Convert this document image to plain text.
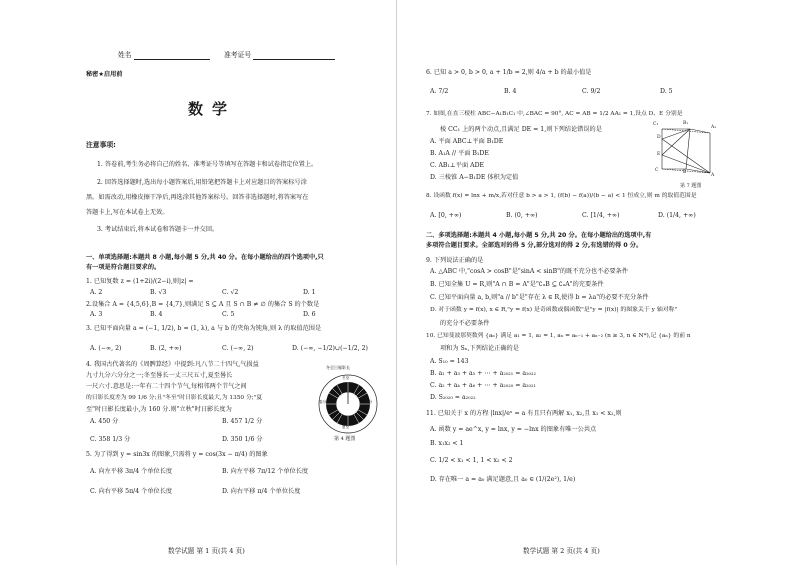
姓名	准考证号
秘密★启用前
数学
注意事项:
1. 答卷前,考生务必将自己的姓名、准考证号等填写在答题卡和试卷指定位置上。
2. 回答选择题时,选出每小题答案后,用铅笔把答题卡上对应题目的答案标号涂
黑。如需改动,用橡皮擦干净后,再选涂其他答案标号。回答非选择题时,将答案写在
答题卡上,写在本试卷上无效。
3. 考试结束后,将本试卷和答题卡一并交回。
一、单项选择题:本题共 8 小题,每小题 5 分,共 40 分。在每小题给出的四个选项中,只
有一项是符合题目要求的。
1. 已知复数 z = (1+2i)/(2−i),则|z| =
A. 2	B. √3	C. √2	D. 1
2.设集合 A = {4,5,6},B = {4,7},则满足 S ⊆ A 且 S ∩ B ≠ ∅ 的集合 S 的个数是
A. 3	B. 4	C. 5	D. 6
3. 已知平面向量 a = (−1, 1/2), b = (1, λ), a 与 b 的夹角为钝角,则 λ 的取值范围是
A. (−∞, 2)	B. (2, +∞)	C. (−∞, 2)	D. (−∞, −1/2)∪(−1/2, 2)
4. 我国古代著名的《周髀算经》中提到:凡八节二十四气,气损益
九寸九分六分分之一;冬至晷长一丈三尺五寸,夏至晷长
一尺六寸.意思是:一年有二十四个节气,每相邻两个节气之间
的日影长度差为 99 1/6 分;且"冬至"时日影长度最大,为 1350 分;"夏
至"时日影长度最小,为 160 分.则"立秋"时日影长度为
A. 450 分	B. 457 1/2 分
C. 358 1/3 分	D. 350 1/6 分
冬至日晷影长
冬至
夏至
春分	秋分
第 4 题图
5. 为了得到 y = sin3x 的图象,只需将 y = cos(3x − π/4) 的图象
A. 向左平移 3π/4 个单位长度	B. 向左平移 7π/12 个单位长度
C. 向右平移 5π/4 个单位长度	D. 向右平移 π/4 个单位长度
数学试题 第 1 页(共 4 页)
6. 已知 a > 0, b > 0, a + 1/b = 2,则 4/a + b 的最小值是
A. 7/2	B. 4	C. 9/2	D. 5
7. 如图,在直三棱柱 ABC−A₁B₁C₁ 中,∠BAC = 90°, AC = AB = 1/2 AA₁ = 1,设点 D、E 分别是
棱 CC₁ 上的两个动点,且满足 DE = 1,则下列结论错误的是
A. 平面 ABC⊥平面 B₁DE
B. A₁A // 平面 B₁DE
C. AB₁⊥平面 ADE
D. 三棱锥 A−B₁DE 体积为定值
C₁	B₁
A₁
D
E
C	B
A
第 7 题图
8. 设函数 f(x) = lnx + m/x,若对任意 b > a > 1, (f(b) − f(a))/(b − a) < 1 恒成立,则 m 的取值范围是
A. [0, +∞)	B. (0, +∞)	C. [1/4, +∞)	D. (1/4, +∞)
二、多项选择题:本题共 4 小题,每小题 5 分,共 20 分。在每小题给出的选项中,有
多项符合题目要求。全部选对的得 5 分,部分选对的得 2 分,有选错的得 0 分。
9. 下列说法正确的是
A. △ABC 中,"cosA > cosB"是"sinA < sinB"的既不充分也不必要条件
B. 已知全集 U = R,则"A ∩ B = A"是"∁ᵤB ⊆ ∁ᵤA"的充要条件
C. 已知平面向量 a, b,则"a // b"是"存在 λ ∈ R,使得 b = λa"的必要不充分条件
D. 对于函数 y = f(x), x ∈ R,"y = f(x) 是奇函数或偶函数"是"y = |f(x)| 的图象关于 y 轴对称"
的充分不必要条件
10. 已知斐波那契数列 {aₙ} 满足 a₁ = 1, a₂ = 1, aₙ = aₙ₋₁ + aₙ₋₂ (n ≥ 3, n ∈ N*),记 {aₙ} 的前 n
项和为 Sₙ,下列结论正确的是
A. S₁₀ = 143
B. a₁ + a₃ + a₅ + ⋯ + a₂₀₂₁ = a₂₀₂₂
C. a₂ + a₄ + a₆ + ⋯ + a₂₀₂₀ = a₂₀₂₁
D. S₂₀₂₀ = a₂₀₂₂
11. 已知关于 x 的方程 |lnx|/eˣ = a 有且只有两解 x₁, x₂,且 x₁ < x₂,则
A. 函数 y = ae^x, y = lnx, y = −lnx 的图象有唯一公共点
B. x₁x₂ < 1
C. 1/2 < x₁ < 1, 1 < x₂ < 2
D. 存在唯一 a = a₀ 满足题意,且 a₀ ∈ (1/(2e²), 1/e)
数学试题 第 2 页(共 4 页)
